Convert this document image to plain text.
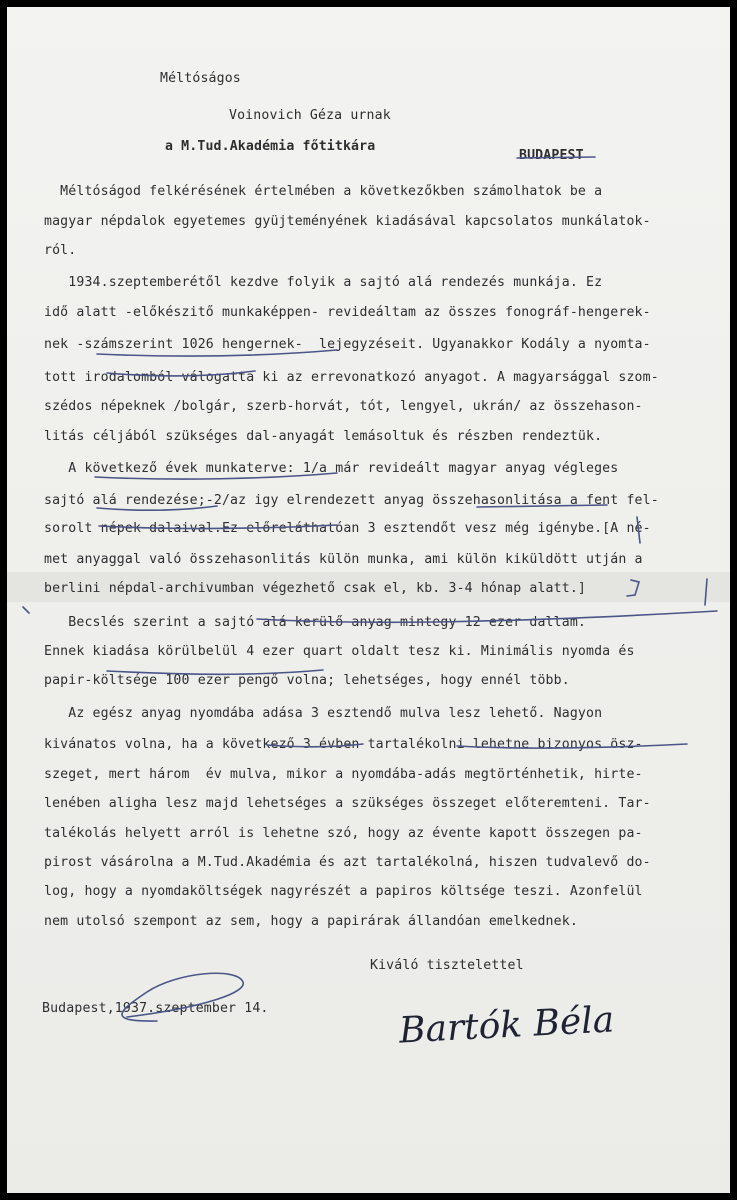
Méltóságos

Voinovich Géza urnak

a M.Tud.Akadémia főtitkára

BUDAPEST

Méltóságod felkérésének értelmében a következőkben számolhatok be a

magyar népdalok egyetemes gyüjteményének kiadásával kapcsolatos munkálatok-

ról.

1934.szeptemberétől kezdve folyik a sajtó alá rendezés munkája. Ez

idő alatt -előkészitő munkaképpen- revideáltam az összes fonográf-hengerek-

nek -számszerint 1026 hengernek-  lejegyzéseit. Ugyanakkor Kodály a nyomta-

tott irodalomból válogatta ki az errevonatkozó anyagot. A magyarsággal szom-

szédos népeknek /bolgár, szerb-horvát, tót, lengyel, ukrán/ az összehason-

litás céljából szükséges dal-anyagát lemásoltuk és részben rendeztük.

A következő évek munkaterve: 1/a már revideált magyar anyag végleges

sajtó alá rendezése;-2/az igy elrendezett anyag összehasonlitása a fent fel-

sorolt népek dalaival.Ez előreláthatóan 3 esztendőt vesz még igénybe.[A né-

met anyaggal való összehasonlitás külön munka, ami külön kiküldött utján a

berlini népdal-archivumban végezhető csak el, kb. 3-4 hónap alatt.]

Becslés szerint a sajtó alá kerülő anyag mintegy 12 ezer dallam.

Ennek kiadása körülbelül 4 ezer quart oldalt tesz ki. Minimális nyomda és

papir-költsége 100 ezer pengő volna; lehetséges, hogy ennél több.

Az egész anyag nyomdába adása 3 esztendő mulva lesz lehető. Nagyon

kivánatos volna, ha a következő 3 évben tartalékolni lehetne bizonyos ösz-

szeget, mert három  év mulva, mikor a nyomdába-adás megtörténhetik, hirte-

lenében aligha lesz majd lehetséges a szükséges összeget előteremteni. Tar-

talékolás helyett arról is lehetne szó, hogy az évente kapott összegen pa-

pirost vásárolna a M.Tud.Akadémia és azt tartalékolná, hiszen tudvalevő do-

log, hogy a nyomdaköltségek nagyrészét a papiros költsége teszi. Azonfelül

nem utolsó szempont az sem, hogy a papirárak állandóan emelkednek.

Kiváló tisztelettel

Budapest,1937.szeptember 14.	Bartók Béla
